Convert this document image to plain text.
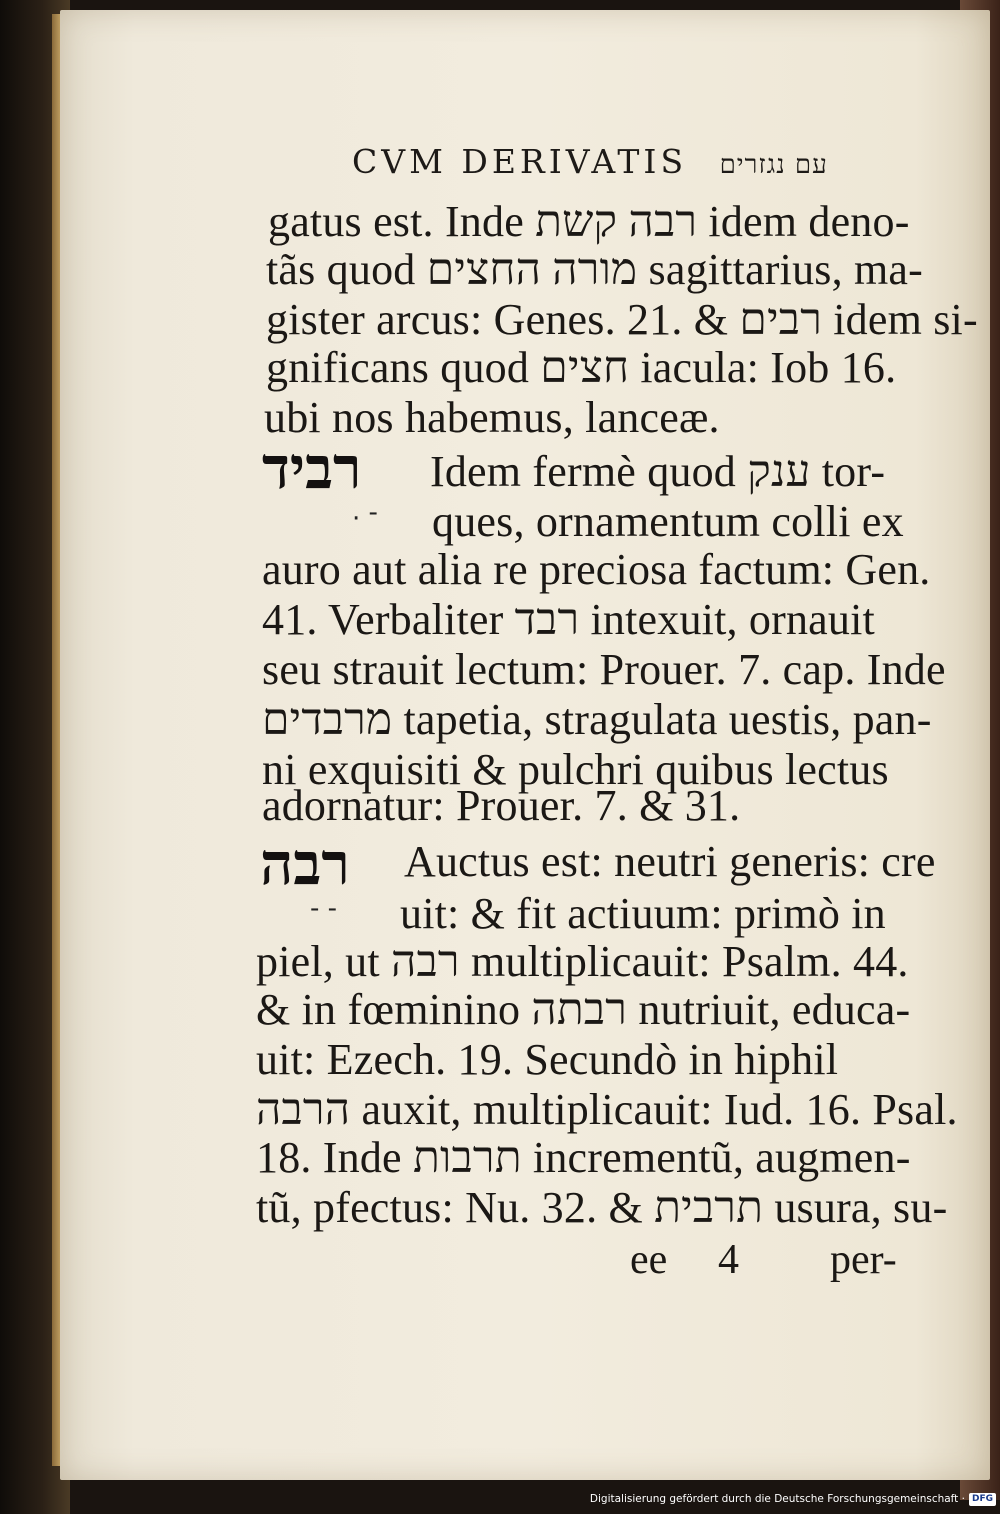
CVM DERIVATIS עם נגזרים
gatus est. Inde רבה קשת idem deno-
tãs quod מורה החצים sagittarius, ma-
gister arcus: Genes. 21. & רבים idem si-
gnificans quod חצים iacula: Iob 16.
ubi nos habemus, lanceæ.
רביד
· ־
Idem fermè quod ענק tor-
ques, ornamentum colli ex
auro aut alia re preciosa factum: Gen.
41. Verbaliter רבד intexuit, ornauit
seu strauit lectum: Prouer. 7. cap. Inde
מרבדים tapetia, stragulata uestis, pan-
ni exquisiti & pulchri quibus lectus
adornatur: Prouer. 7. & 31.
רבה
־ ־
Auctus est: neutri generis: cre
uit: & fit actiuum: primò in
piel, ut רבה multiplicauit: Psalm. 44.
& in fœminino רבתה nutriuit, educa-
uit: Ezech. 19. Secundò in hiphil
הרבה auxit, multiplicauit: Iud. 16. Psal.
18. Inde תרבות incrementũ, augmen-
tũ, pfectus: Nu. 32. & תרבית usura, su-
ee 4 per-
Digitalisierung gefördert durch die Deutsche Forschungsgemeinschaft · DFG
